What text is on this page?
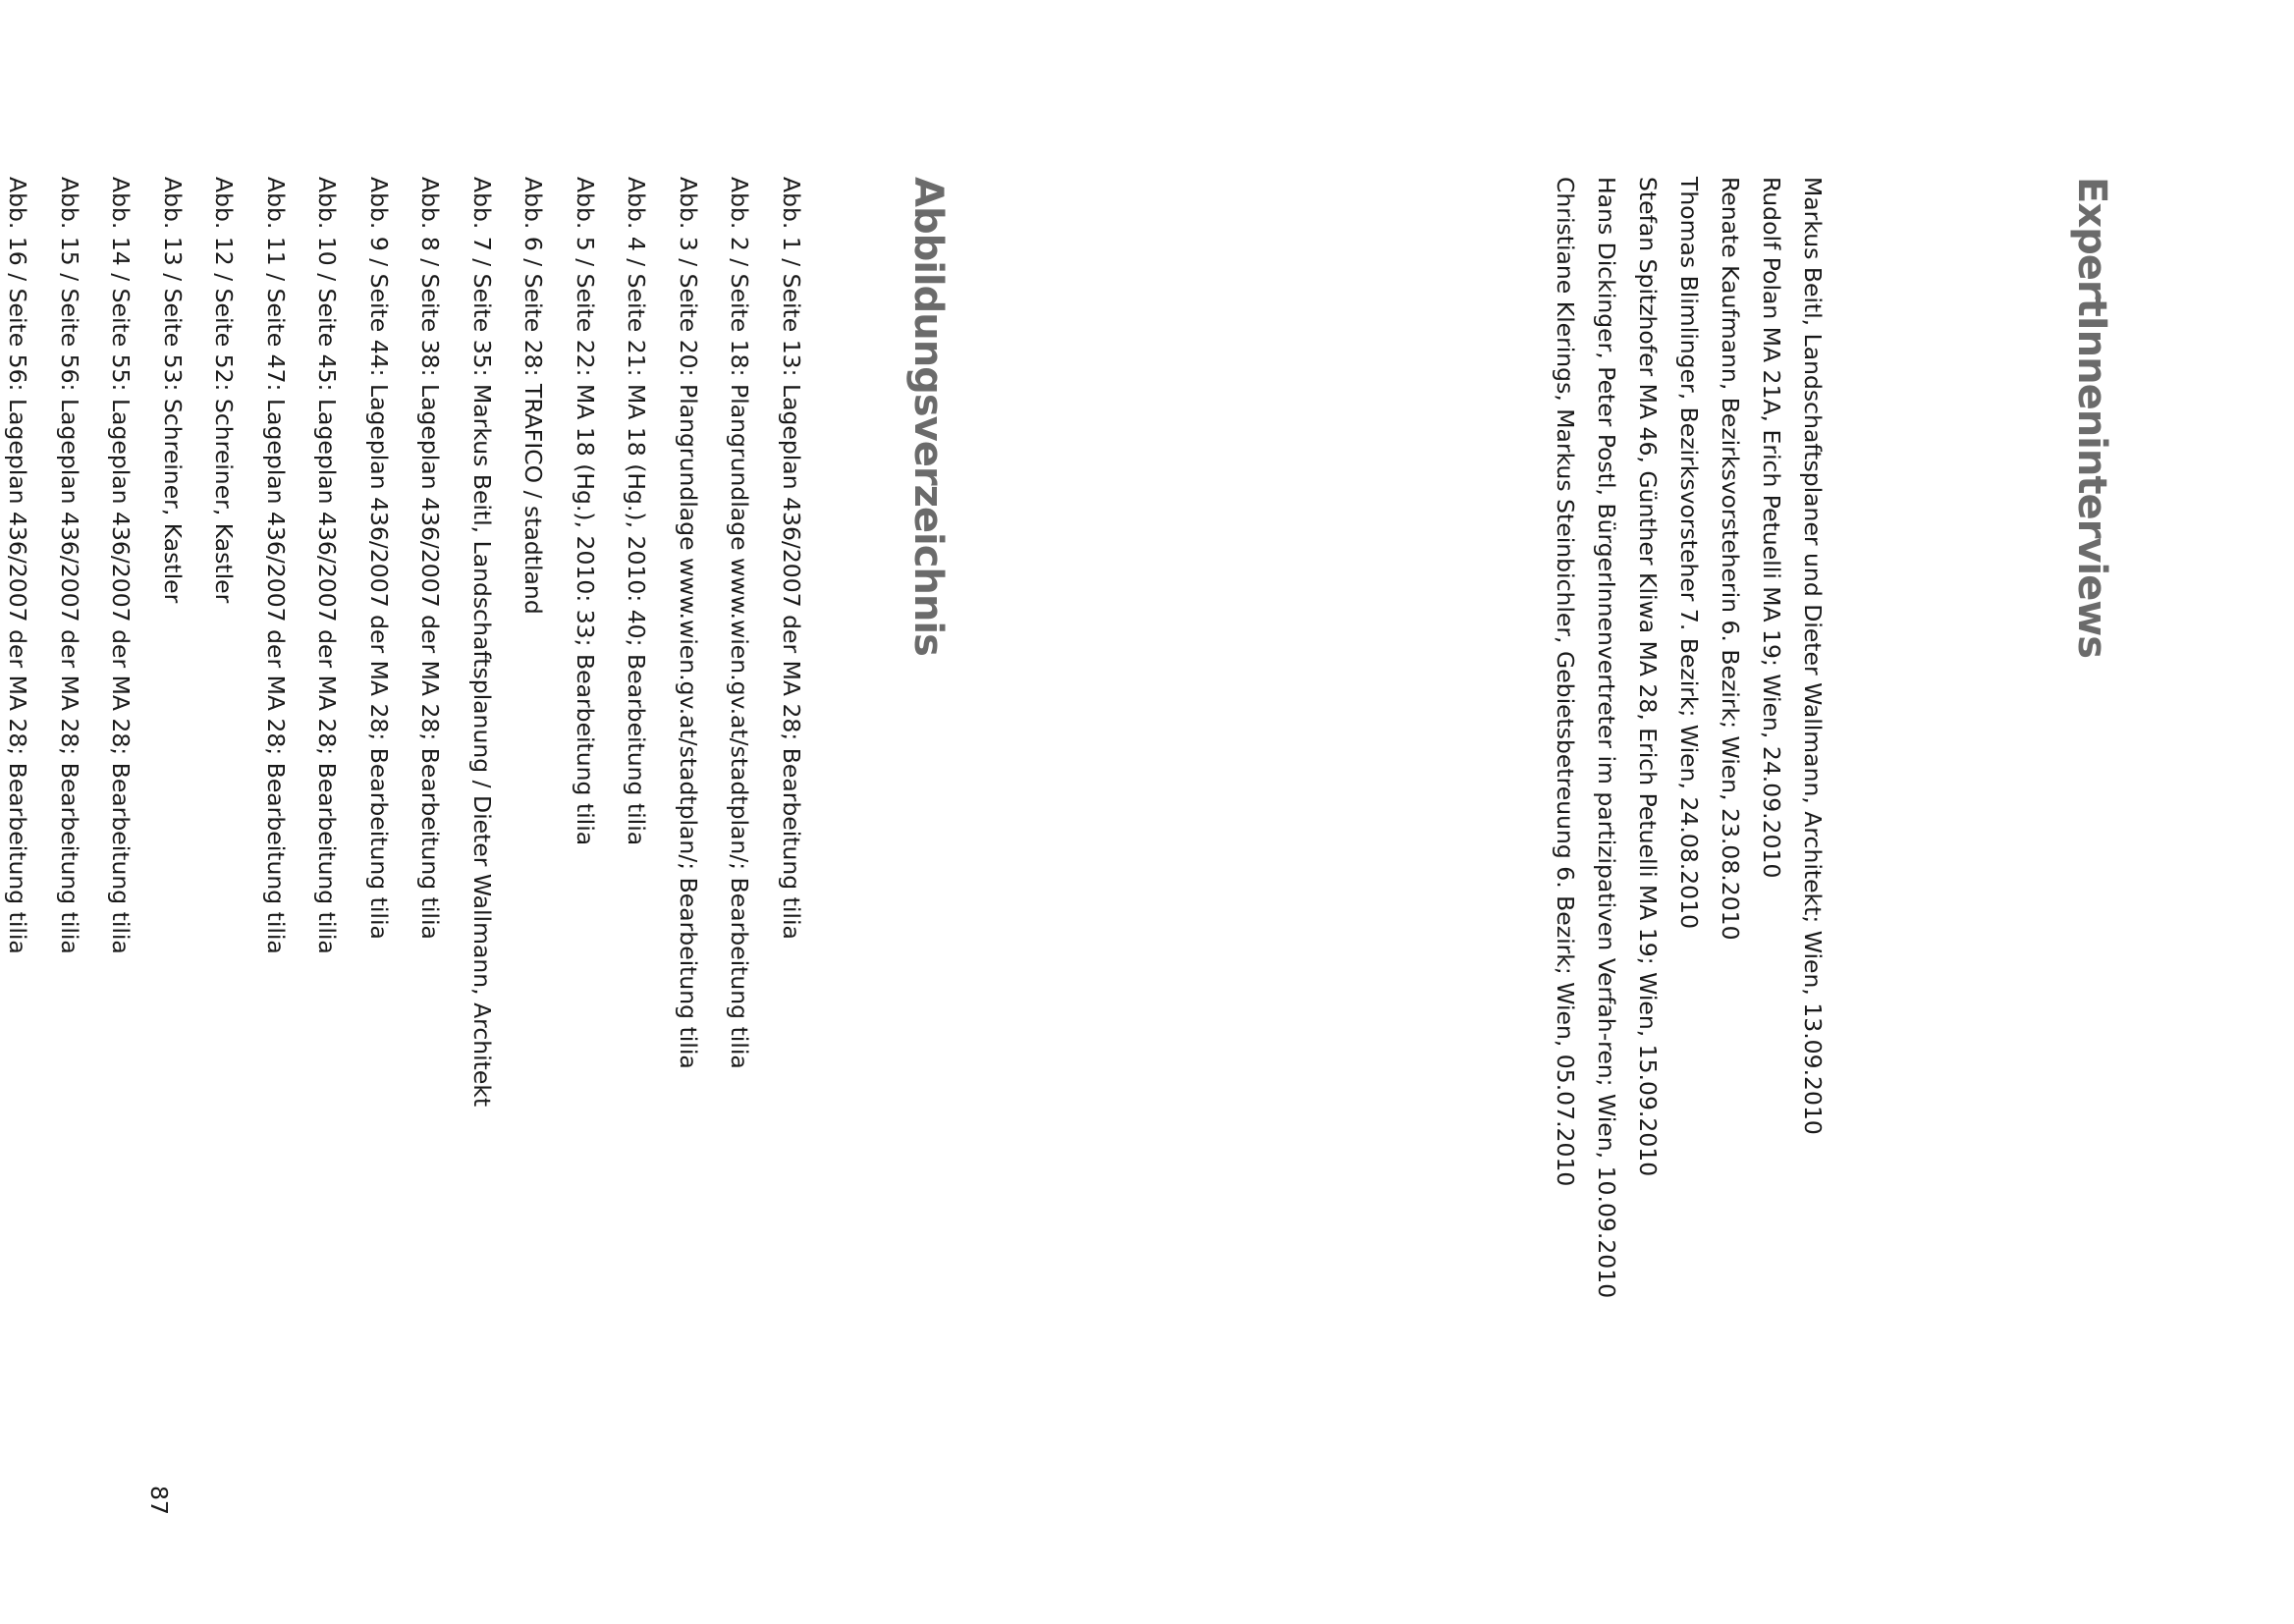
ExpertInneninterviews
Markus Beitl, Landschaftsplaner und Dieter Wallmann, Architekt; Wien, 13.09.2010
Rudolf Polan MA 21A, Erich Petuelli MA 19; Wien, 24.09.2010
Renate Kaufmann, Bezirksvorsteherin 6. Bezirk; Wien, 23.08.2010
Thomas Blimlinger, Bezirksvorsteher 7. Bezirk; Wien, 24.08.2010
Stefan Spitzhofer MA 46, Günther Kliwa MA 28, Erich Petuelli MA 19; Wien, 15.09.2010
Hans Dickinger, Peter Postl, BürgerInnenvertreter im partizipativen Verfah-ren; Wien, 10.09.2010
Christiane Klerings, Markus Steinbichler, Gebietsbetreuung 6. Bezirk; Wien, 05.07.2010
Abbildungsverzeichnis
Abb. 1 / Seite 13: Lageplan 436/2007 der MA 28; Bearbeitung tilia
Abb. 2 / Seite 18: Plangrundlage www.wien.gv.at/stadtplan/; Bearbeitung tilia
Abb. 3 / Seite 20: Plangrundlage www.wien.gv.at/stadtplan/; Bearbeitung tilia
Abb. 4 / Seite 21: MA 18 (Hg.), 2010: 40; Bearbeitung tilia
Abb. 5 / Seite 22: MA 18 (Hg.), 2010: 33; Bearbeitung tilia
Abb. 6 / Seite 28: TRAFICO / stadtland
Abb. 7 / Seite 35: Markus Beitl, Landschaftsplanung / Dieter Wallmann, Architekt
Abb. 8 / Seite 38: Lageplan 436/2007 der MA 28; Bearbeitung tilia
Abb. 9 / Seite 44: Lageplan 436/2007 der MA 28; Bearbeitung tilia
Abb. 10 / Seite 45: Lageplan 436/2007 der MA 28; Bearbeitung tilia
Abb. 11 / Seite 47: Lageplan 436/2007 der MA 28; Bearbeitung tilia
Abb. 12 / Seite 52: Schreiner, Kastler
Abb. 13 / Seite 53: Schreiner, Kastler
Abb. 14 / Seite 55: Lageplan 436/2007 der MA 28; Bearbeitung tilia
Abb. 15 / Seite 56: Lageplan 436/2007 der MA 28; Bearbeitung tilia
Abb. 16 / Seite 56: Lageplan 436/2007 der MA 28; Bearbeitung tilia

87
